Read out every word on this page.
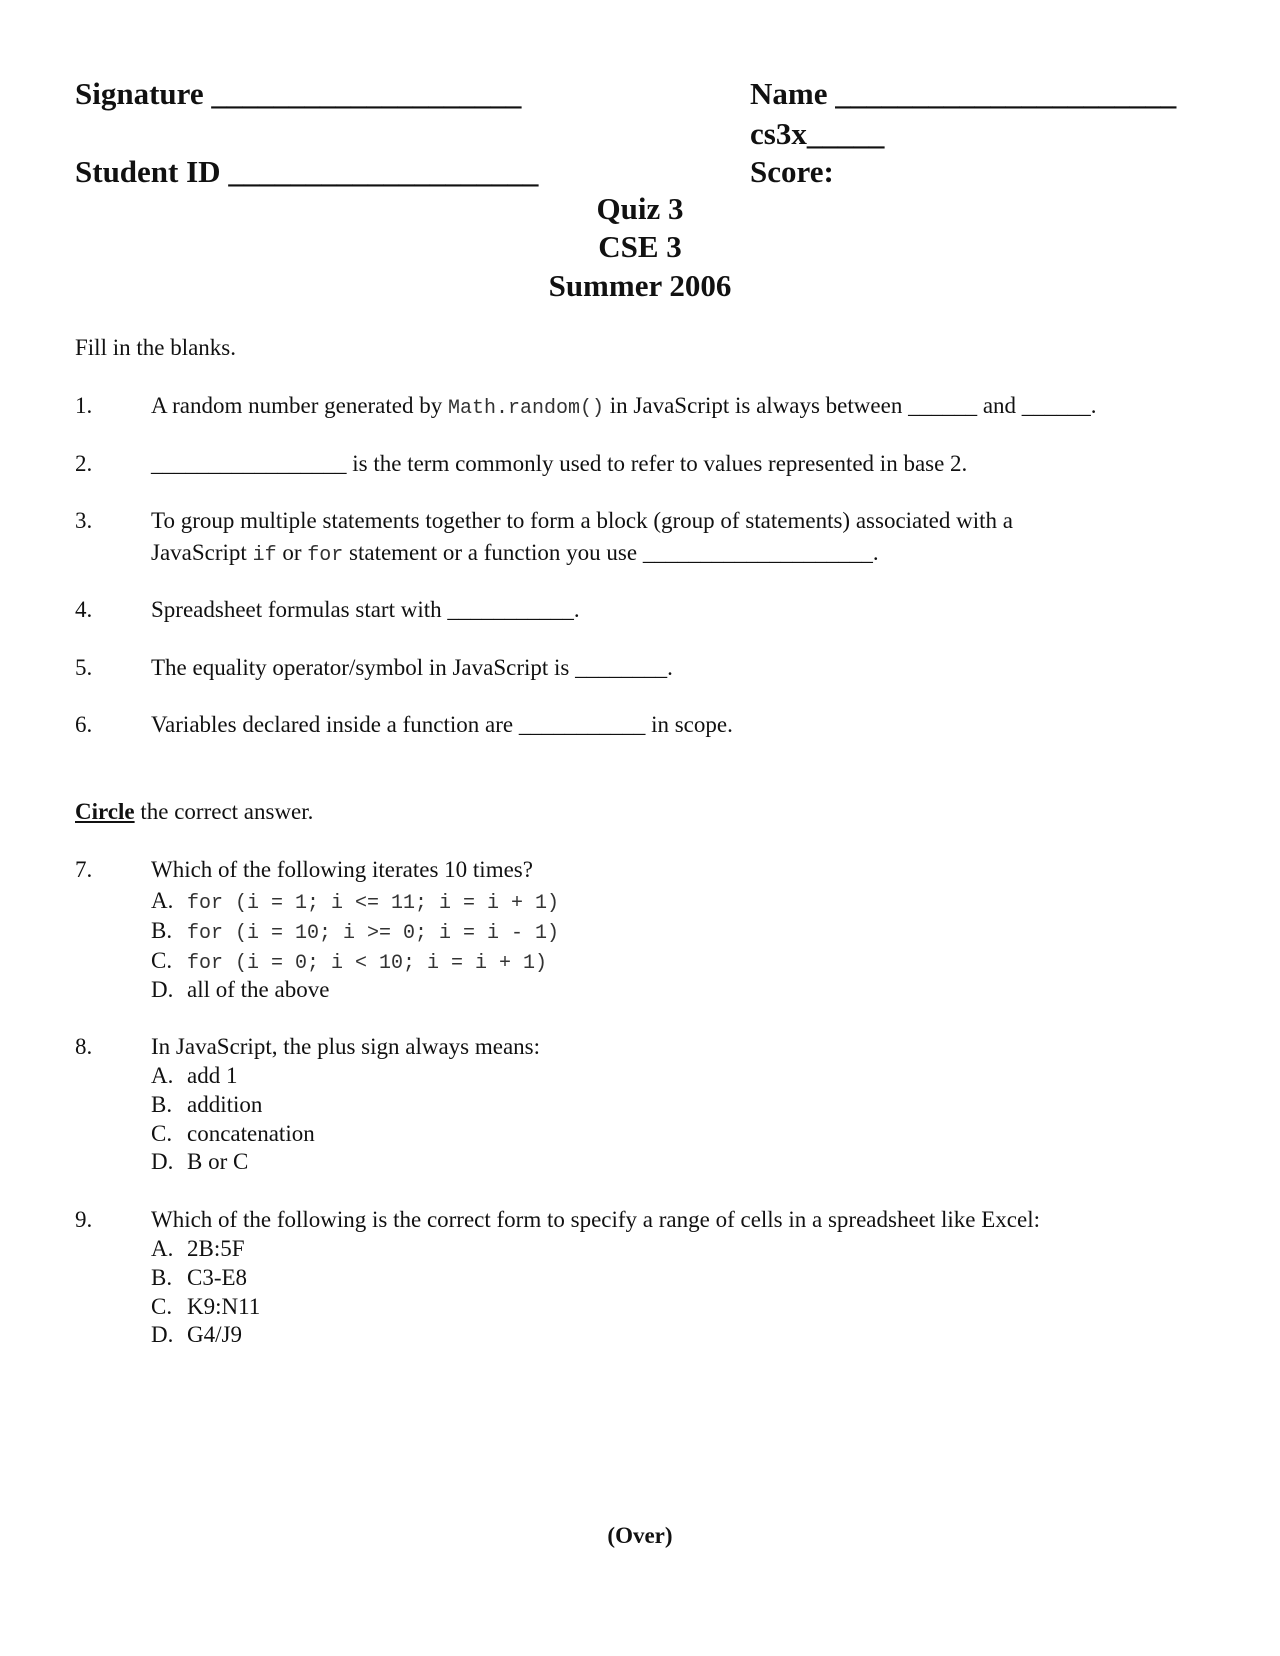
Signature ____________________
Student ID ____________________
Name ______________________
cs3x_____
Score:
Quiz 3
CSE 3
Summer 2006
Fill in the blanks.
1.	A random number generated by Math.random() in JavaScript is always between ______ and ______.
2.	_________________ is the term commonly used to refer to values represented in base 2.
3.	To group multiple statements together to form a block (group of statements) associated with a
JavaScript if or for statement or a function you use ____________________.
4.	Spreadsheet formulas start with ___________.
5.	The equality operator/symbol in JavaScript is ________.
6.	Variables declared inside a function are ___________ in scope.
Circle the correct answer.
7.	Which of the following iterates 10 times?
A. for (i = 1; i <= 11; i = i + 1)
B. for (i = 10; i >= 0; i = i - 1)
C. for (i = 0; i < 10; i = i + 1)
D. all of the above
8.	In JavaScript, the plus sign always means:
A. add 1
B. addition
C. concatenation
D. B or C
9.	Which of the following is the correct form to specify a range of cells in a spreadsheet like Excel:
A. 2B:5F
B. C3-E8
C. K9:N11
D. G4/J9
(Over)
